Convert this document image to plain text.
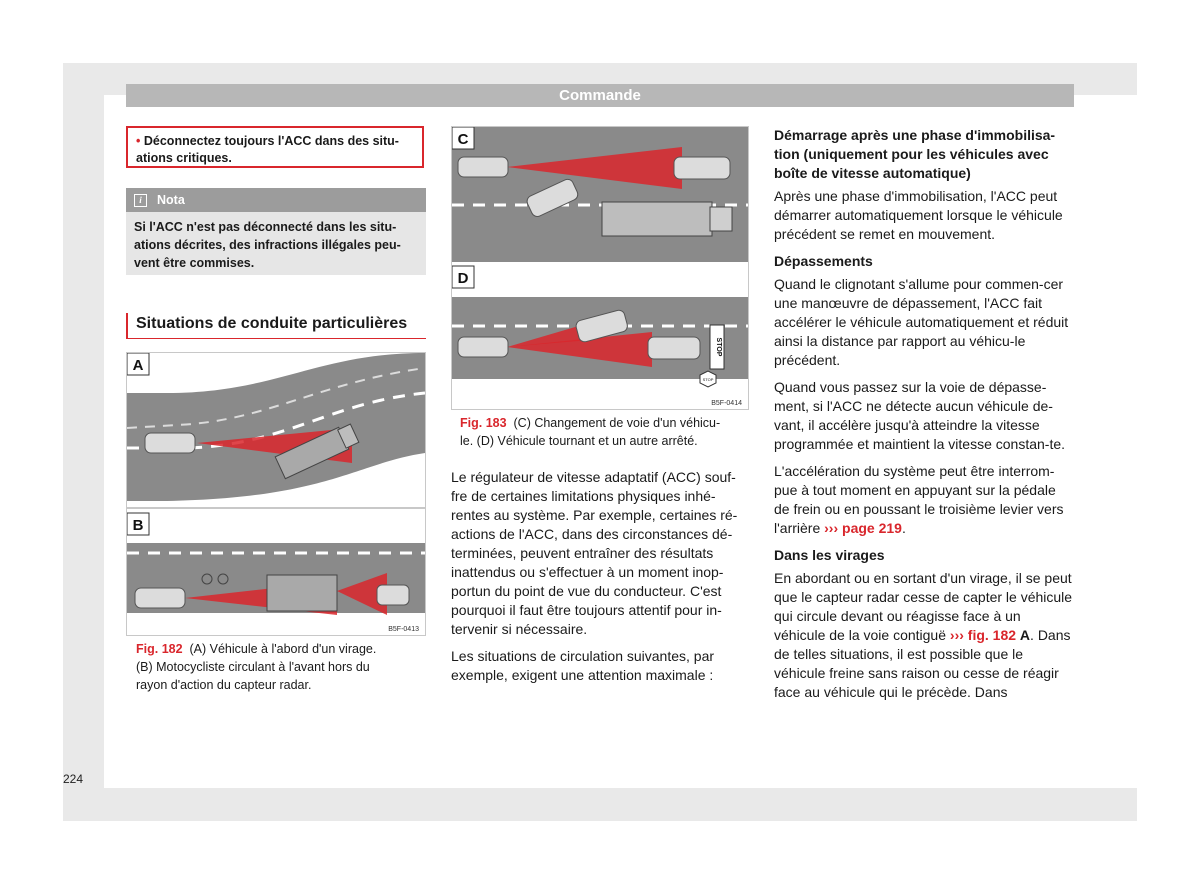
Commande
• Déconnectez toujours l'ACC dans des situ-
ations critiques.
i	Nota
Si l'ACC n'est pas déconnecté dans les situ-
ations décrites, des infractions illégales peu-
vent être commises.
Situations de conduite particulières
A
B
B5F-0413
Fig. 182 (A) Véhicule à l'abord d'un virage.
(B) Motocycliste circulant à l'avant hors du
rayon d'action du capteur radar.
C
STOP
STOP
D
B5F-0414
Fig. 183 (C) Changement de voie d'un véhicu-
le. (D) Véhicule tournant et un autre arrêté.

Le régulateur de vitesse adaptatif (ACC) souf-fre de certaines limitations physiques inhé-rentes au système. Par exemple, certaines ré-actions de l'ACC, dans des circonstances dé-terminées, peuvent entraîner des résultats inattendus ou s'effectuer à un moment inop-portun du point de vue du conducteur. C'est pourquoi il faut être toujours attentif pour in-tervenir si nécessaire.

Les situations de circulation suivantes, par exemple, exigent une attention maximale :

Démarrage après une phase d'immobilisa-tion (uniquement pour les véhicules avec boîte de vitesse automatique)

Après une phase d'immobilisation, l'ACC peut démarrer automatiquement lorsque le véhicule précédent se remet en mouvement.

Dépassements

Quand le clignotant s'allume pour commen-cer une manœuvre de dépassement, l'ACC fait accélérer le véhicule automatiquement et réduit ainsi la distance par rapport au véhicu-le précédent.

Quand vous passez sur la voie de dépasse-ment, si l'ACC ne détecte aucun véhicule de-vant, il accélère jusqu'à atteindre la vitesse programmée et maintient la vitesse constan-te.

L'accélération du système peut être interrom-pue à tout moment en appuyant sur la pédale de frein ou en poussant le troisième levier vers l'arrière ››› page 219.

Dans les virages

En abordant ou en sortant d'un virage, il se peut que le capteur radar cesse de capter le véhicule qui circule devant ou réagisse face à un véhicule de la voie contiguë ››› fig. 182 A. Dans de telles situations, il est possible que le véhicule freine sans raison ou cesse de réagir face au véhicule qui le précède. Dans

224
